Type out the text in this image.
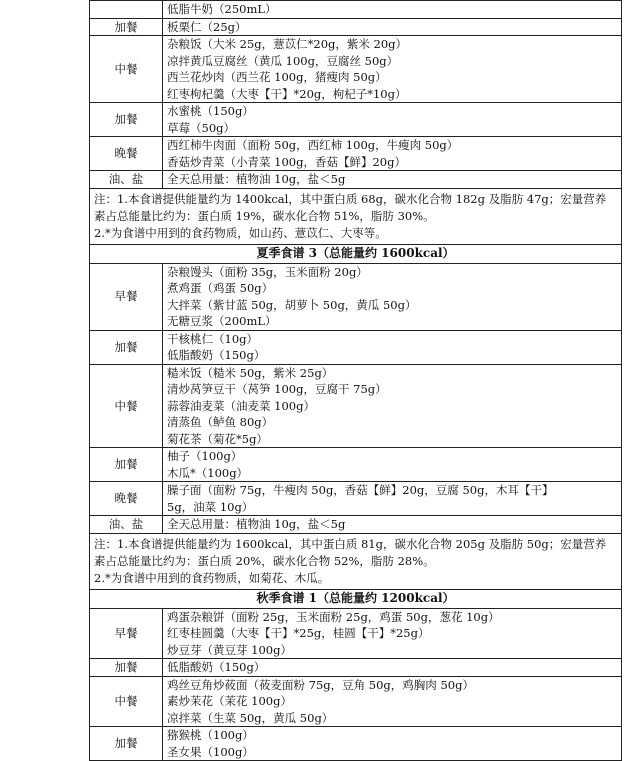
	低脂牛奶（250mL）

加餐	板栗仁（25g）

中餐	杂粮饭（大米 25g，薏苡仁*20g，紫米 20g）
凉拌黄瓜豆腐丝（黄瓜 100g，豆腐丝 50g）
西兰花炒肉（西兰花 100g，猪瘦肉 50g）
红枣枸杞羹（大枣【干】*20g，枸杞子*10g）

加餐	水蜜桃（150g）
草莓（50g）

晚餐	西红柿牛肉面（面粉 50g，西红柿 100g，牛瘦肉 50g）
香菇炒青菜（小青菜 100g，香菇【鲜】20g）

油、盐	全天总用量：植物油 10g，盐＜5g

注：1.本食谱提供能量约为 1400kcal，其中蛋白质 68g，碳水化合物 182g 及脂肪 47g；宏量营养素占总能量比约为：蛋白质 19%，碳水化合物 51%，脂肪 30%。
2.*为食谱中用到的食药物质，如山药、薏苡仁、大枣等。	

夏季食谱 3（总能量约 1600kcal）	
早餐	杂粮馒头（面粉 35g，玉米面粉 20g）
煮鸡蛋（鸡蛋 50g）
大拌菜（紫甘蓝 50g，胡萝卜 50g，黄瓜 50g）
无糖豆浆（200mL）

加餐	干核桃仁（10g）
低脂酸奶（150g）

中餐	糙米饭（糙米 50g，紫米 25g）
清炒莴笋豆干（莴笋 100g，豆腐干 75g）
蒜蓉油麦菜（油麦菜 100g）
清蒸鱼（鲈鱼 80g）
菊花茶（菊花*5g）

加餐	柚子（100g）
木瓜*（100g）

晚餐	臊子面（面粉 75g，牛瘦肉 50g，香菇【鲜】20g，豆腐 50g，木耳【干】
5g，油菜 10g）

油、盐	全天总用量：植物油 10g，盐＜5g

注：1.本食谱提供能量约为 1600kcal，其中蛋白质 81g，碳水化合物 205g 及脂肪 50g；宏量营养素占总能量比约为：蛋白质 20%，碳水化合物 52%，脂肪 28%。
2.*为食谱中用到的食药物质，如菊花、木瓜。	

秋季食谱 1（总能量约 1200kcal）	
早餐	鸡蛋杂粮饼（面粉 25g，玉米面粉 25g，鸡蛋 50g，葱花 10g）
红枣桂圆羹（大枣【干】*25g，桂圆【干】*25g）
炒豆芽（黄豆芽 100g）

加餐	低脂酸奶（150g）

中餐	鸡丝豆角炒莜面（莜麦面粉 75g，豆角 50g，鸡胸肉 50g）
素炒茉花（茉花 100g）
凉拌菜（生菜 50g，黄瓜 50g）

加餐	猕猴桃（100g）
圣女果（100g）
